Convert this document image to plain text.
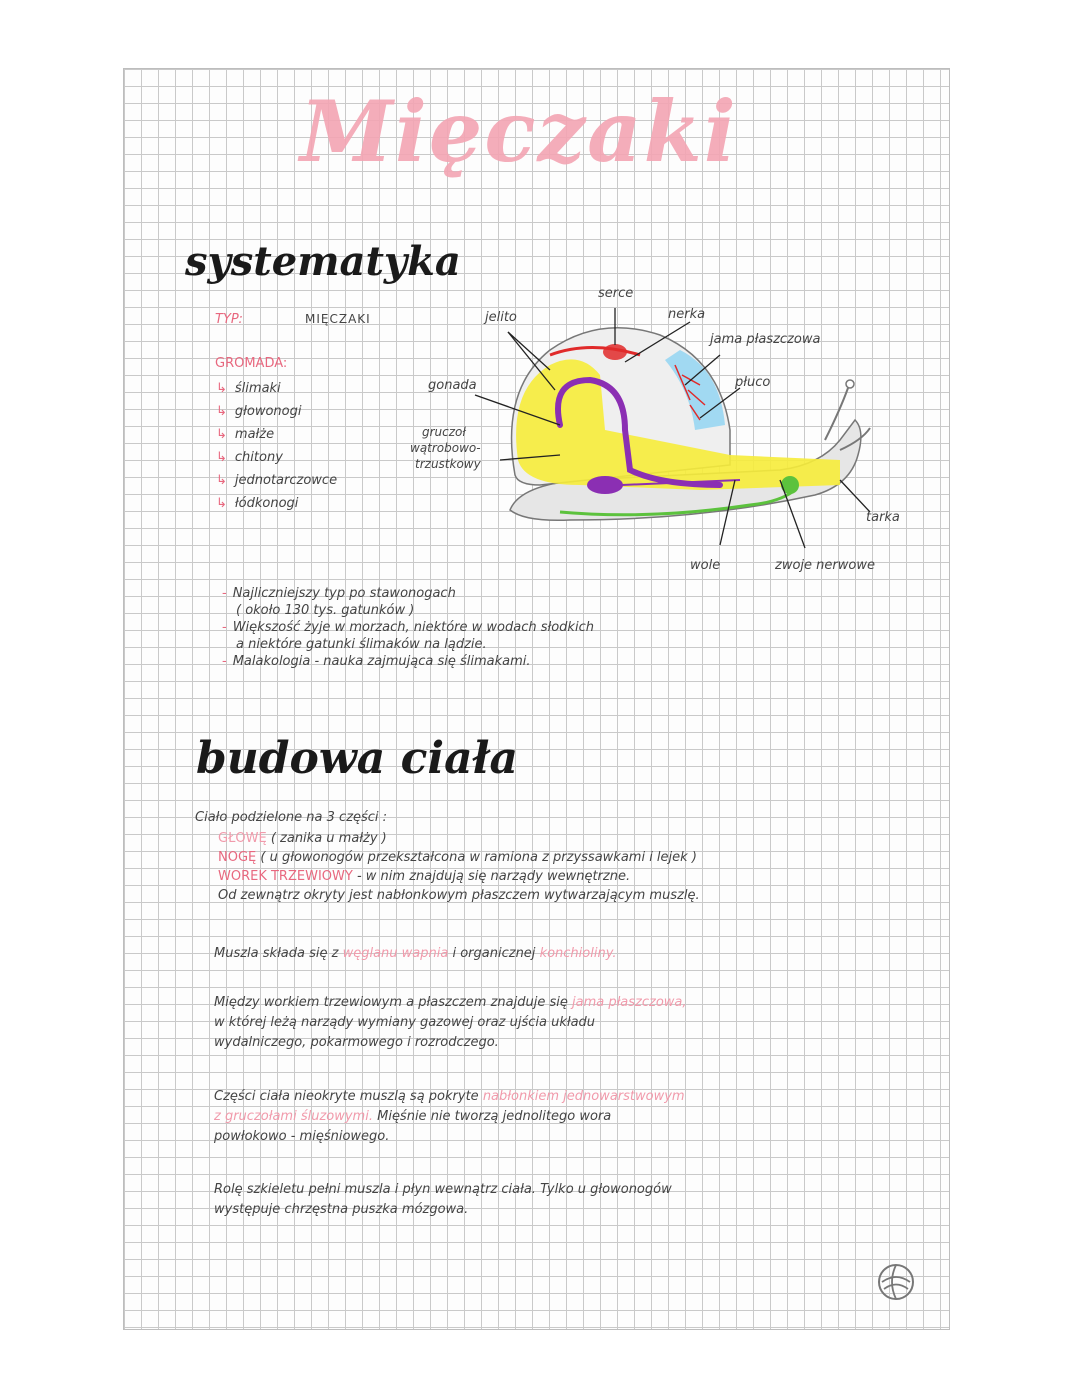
Mięczaki
systematyka
TYP:	MIĘCZAKI
GROMADA:
↳ ślimaki
↳ głowonogi
↳ małże
↳ chitony
↳ jednotarczowce
↳ łódkonogi
serce
jelito	nerka
jama płaszczowa
gonada	płuco
gruczoł
wątrobowo-
trzustkowy
tarka
wole	zwoje nerwowe
- Najliczniejszy typ po stawonogach
( około 130 tys. gatunków )
- Większość żyje w morzach, niektóre w wodach słodkich
a niektóre gatunki ślimaków na lądzie.
- Malakologia - nauka zajmująca się ślimakami.
budowa ciała
Ciało podzielone na 3 części :
GŁOWĘ ( zanika u małży )
NOGĘ ( u głowonogów przekształcona w ramiona z przyssawkami i lejek )
WOREK TRZEWIOWY - w nim znajdują się narządy wewnętrzne.
Od zewnątrz okryty jest nabłonkowym płaszczem wytwarzającym muszlę.
Muszla składa się z węglanu wapnia i organicznej konchioliny.
Między workiem trzewiowym a płaszczem znajduje się jama płaszczowa,
w której leżą narządy wymiany gazowej oraz ujścia układu
wydalniczego, pokarmowego i rozrodczego.
Części ciała nieokryte muszlą są pokryte nabłonkiem jednowarstwowym
z gruczołami śluzowymi. Mięśnie nie tworzą jednolitego wora
powłokowo - mięśniowego.
Rolę szkieletu pełni muszla i płyn wewnątrz ciała. Tylko u głowonogów
występuje chrzęstna puszka mózgowa.
